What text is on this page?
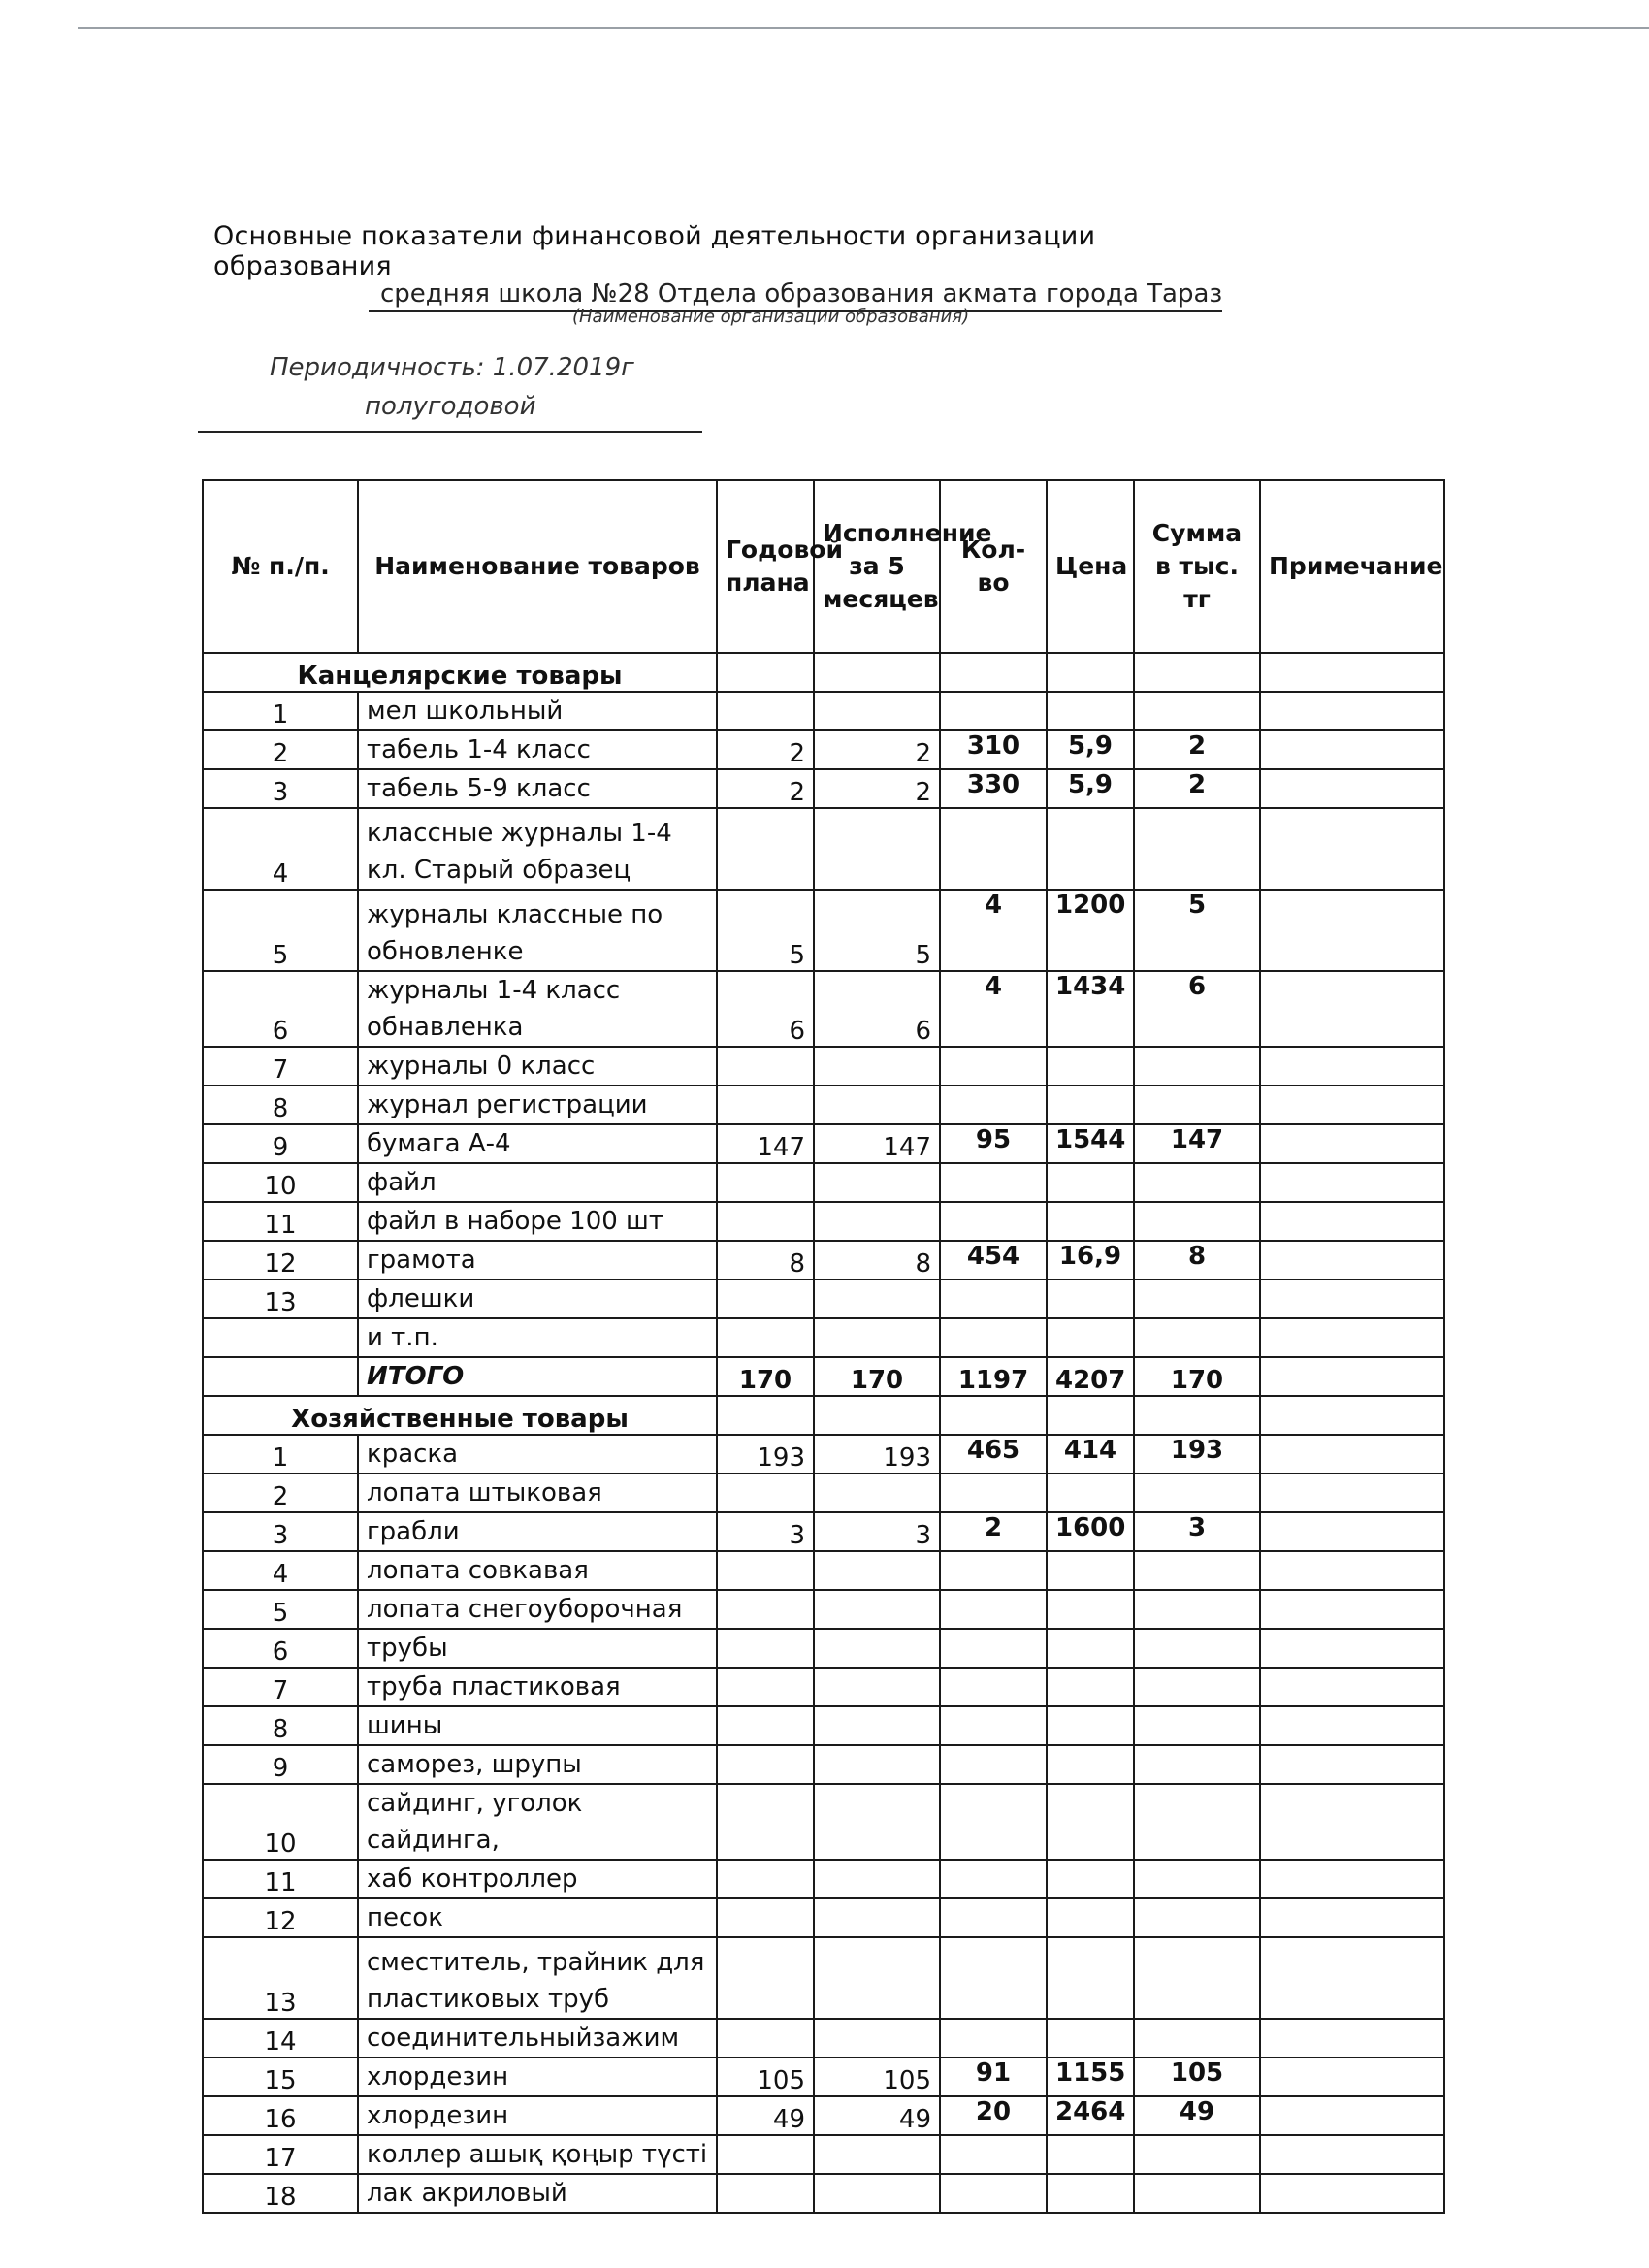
Основные показатели финансовой деятельности организации образования
средняя школа №28 Отдела образования акмата города Тараз
(Наименование организации образования)
Периодичность: 1.07.2019г
полугодовой
№ п./п.	Наименование товаров	Годовой плана	Исполнение за 5 месяцев	Кол-во	Цена	Сумма в тыс. тг	Примечание
Канцелярские товары							
1	мел школьный						
2	табель 1-4 класс	2	2	310	5,9	2	
3	табель 5-9 класс	2	2	330	5,9	2	
4	классные журналы 1-4 кл. Старый образец						
5	журналы классные по обновленке	5	5	4	1200	5	
6	журналы 1-4 класс обнавленка	6	6	4	1434	6	
7	журналы 0 класс						
8	журнал регистрации						
9	бумага А-4	147	147	95	1544	147	
10	файл						
11	файл в наборе 100 шт						
12	грамота	8	8	454	16,9	8	
13	флешки						
	и т.п.						
	ИТОГО	170	170	1197	4207	170	
Хозяйственные товары							
1	краска	193	193	465	414	193	
2	лопата штыковая						
3	грабли	3	3	2	1600	3	
4	лопата совкавая						
5	лопата снегоуборочная						
6	трубы						
7	труба пластиковая						
8	шины						
9	саморез, шрупы						
10	сайдинг, уголок сайдинга,						
11	хаб контроллер						
12	песок						
13	сместитель, трайник для пластиковых труб						
14	соединительныйзажим						
15	хлордезин	105	105	91	1155	105	
16	хлордезин	49	49	20	2464	49	
17	коллер ашық қоңыр түсті						
18	лак акриловый						
